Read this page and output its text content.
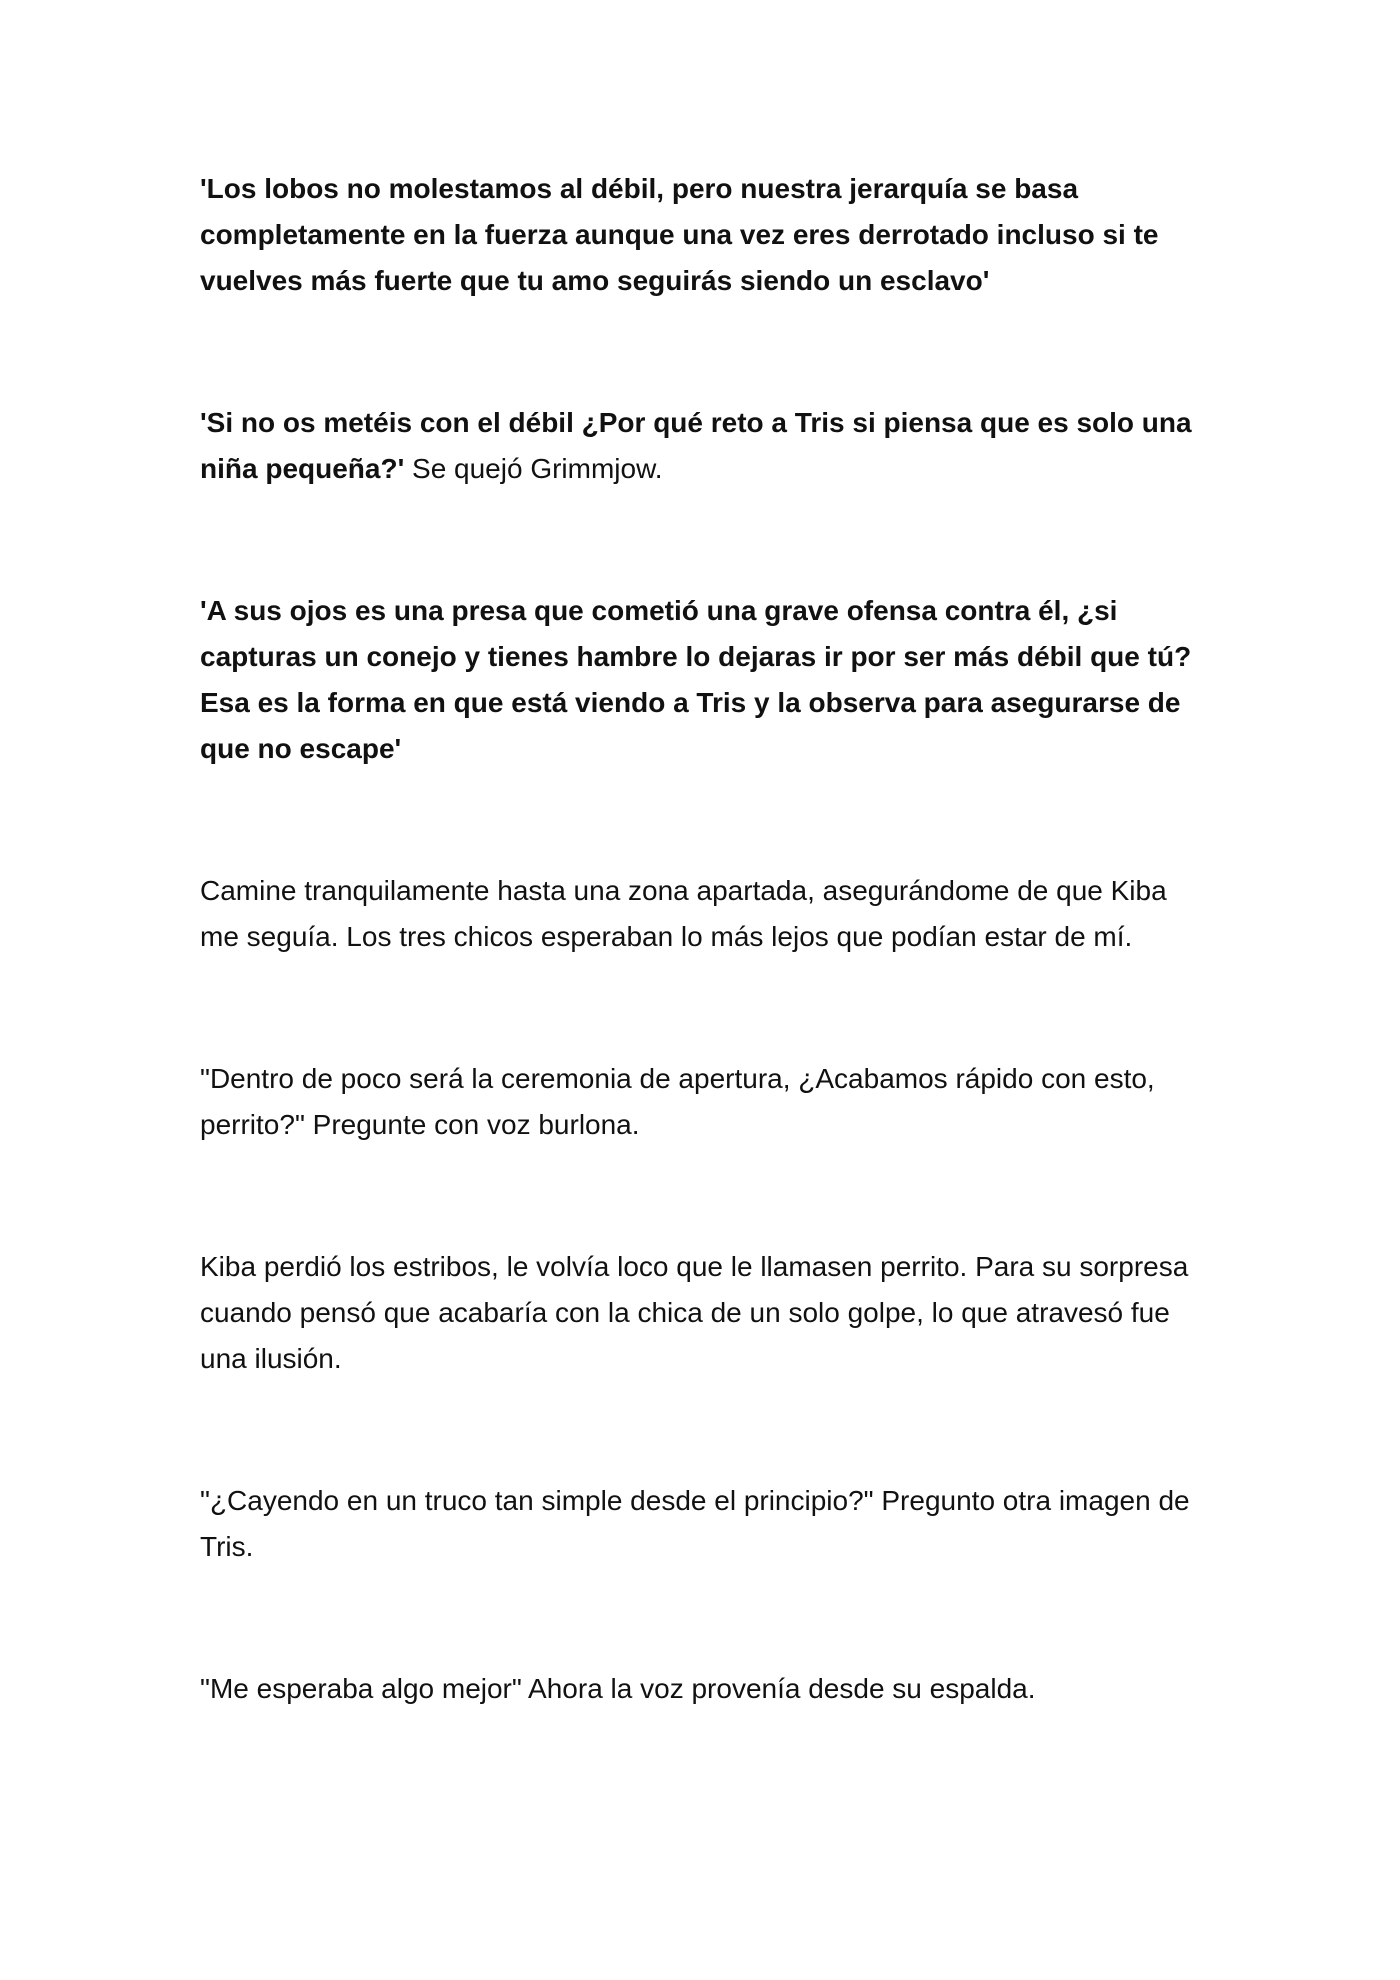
'Los lobos no molestamos al débil, pero nuestra jerarquía se basa completamente en la fuerza aunque una vez eres derrotado incluso si te vuelves más fuerte que tu amo seguirás siendo un esclavo'

'Si no os metéis con el débil ¿Por qué reto a Tris si piensa que es solo una niña pequeña?' Se quejó Grimmjow.

'A sus ojos es una presa que cometió una grave ofensa contra él, ¿si capturas un conejo y tienes hambre lo dejaras ir por ser más débil que tú? Esa es la forma en que está viendo a Tris y la observa para asegurarse de que no escape'

Camine tranquilamente hasta una zona apartada, asegurándome de que Kiba me seguía. Los tres chicos esperaban lo más lejos que podían estar de mí.

"Dentro de poco será la ceremonia de apertura, ¿Acabamos rápido con esto, perrito?" Pregunte con voz burlona.

Kiba perdió los estribos, le volvía loco que le llamasen perrito. Para su sorpresa cuando pensó que acabaría con la chica de un solo golpe, lo que atravesó fue una ilusión.

"¿Cayendo en un truco tan simple desde el principio?" Pregunto otra imagen de Tris.

"Me esperaba algo mejor" Ahora la voz provenía desde su espalda.
